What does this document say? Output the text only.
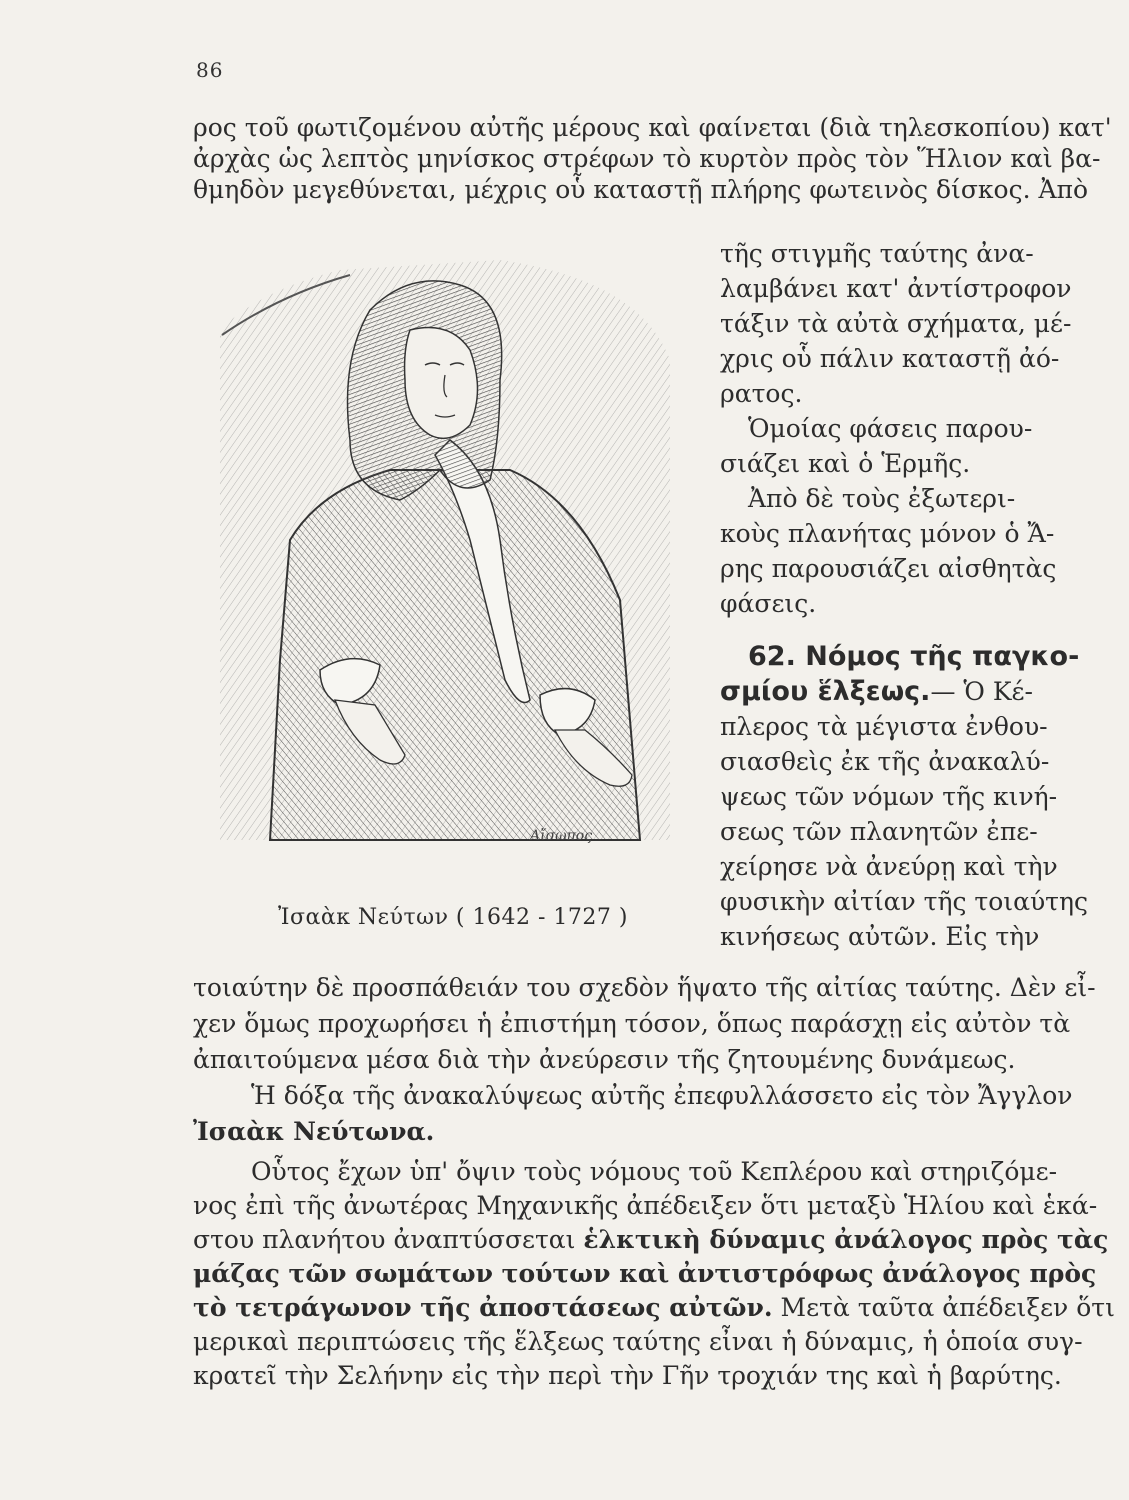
86
ρος τοῦ φωτιζομένου αὐτῆς μέρους καὶ φαίνεται (διὰ τηλεσκοπίου) κατ'
ἀρχὰς ὡς λεπτὸς μηνίσκος στρέφων τὸ κυρτὸν πρὸς τὸν Ἥλιον καὶ βα-
θμηδὸν μεγεθύνεται, μέχρις οὗ καταστῇ πλήρης φωτεινὸς δίσκος. Ἀπὸ
Αἴσωπος
Ἰσαὰκ Νεύτων ( 1642 - 1727 )
τῆς στιγμῆς ταύτης ἀνα-
λαμβάνει κατ' ἀντίστροφον
τάξιν τὰ αὐτὰ σχήματα, μέ-
χρις οὗ πάλιν καταστῇ ἀό-
ρατος.
Ὁμοίας φάσεις παρου-
σιάζει καὶ ὁ Ἑρμῆς.
Ἀπὸ δὲ τοὺς ἐξωτερι-
κοὺς πλανήτας μόνον ὁ Ἄ-
ρης παρουσιάζει αἰσθητὰς
φάσεις.
62. Νόμος τῆς παγκο-
σμίου ἕλξεως.— Ὁ Κέ-
πλερος τὰ μέγιστα ἐνθου-
σιασθεὶς ἐκ τῆς ἀνακαλύ-
ψεως τῶν νόμων τῆς κινή-
σεως τῶν πλανητῶν ἐπε-
χείρησε νὰ ἀνεύρῃ καὶ τὴν
φυσικὴν αἰτίαν τῆς τοιαύτης
κινήσεως αὐτῶν. Εἰς τὴν
τοιαύτην δὲ προσπάθειάν του σχεδὸν ἥψατο τῆς αἰτίας ταύτης. Δὲν εἶ-
χεν ὅμως προχωρήσει ἡ ἐπιστήμη τόσον, ὅπως παράσχῃ εἰς αὐτὸν τὰ
ἀπαιτούμενα μέσα διὰ τὴν ἀνεύρεσιν τῆς ζητουμένης δυνάμεως.
Ἡ δόξα τῆς ἀνακαλύψεως αὐτῆς ἐπεφυλλάσσετο εἰς τὸν Ἄγγλον
Ἰσαὰκ Νεύτωνα.
Οὗτος ἔχων ὑπ' ὄψιν τοὺς νόμους τοῦ Κεπλέρου καὶ στηριζόμε-
νος ἐπὶ τῆς ἀνωτέρας Μηχανικῆς ἀπέδειξεν ὅτι μεταξὺ Ἡλίου καὶ ἑκά-
στου πλανήτου ἀναπτύσσεται ἑλκτικὴ δύναμις ἀνάλογος πρὸς τὰς
μάζας τῶν σωμάτων τούτων καὶ ἀντιστρόφως ἀνάλογος πρὸς
τὸ τετράγωνον τῆς ἀποστάσεως αὐτῶν. Μετὰ ταῦτα ἀπέδειξεν ὅτι
μερικαὶ περιπτώσεις τῆς ἕλξεως ταύτης εἶναι ἡ δύναμις, ἡ ὁποία συγ-
κρατεῖ τὴν Σελήνην εἰς τὴν περὶ τὴν Γῆν τροχιάν της καὶ ἡ βαρύτης.
